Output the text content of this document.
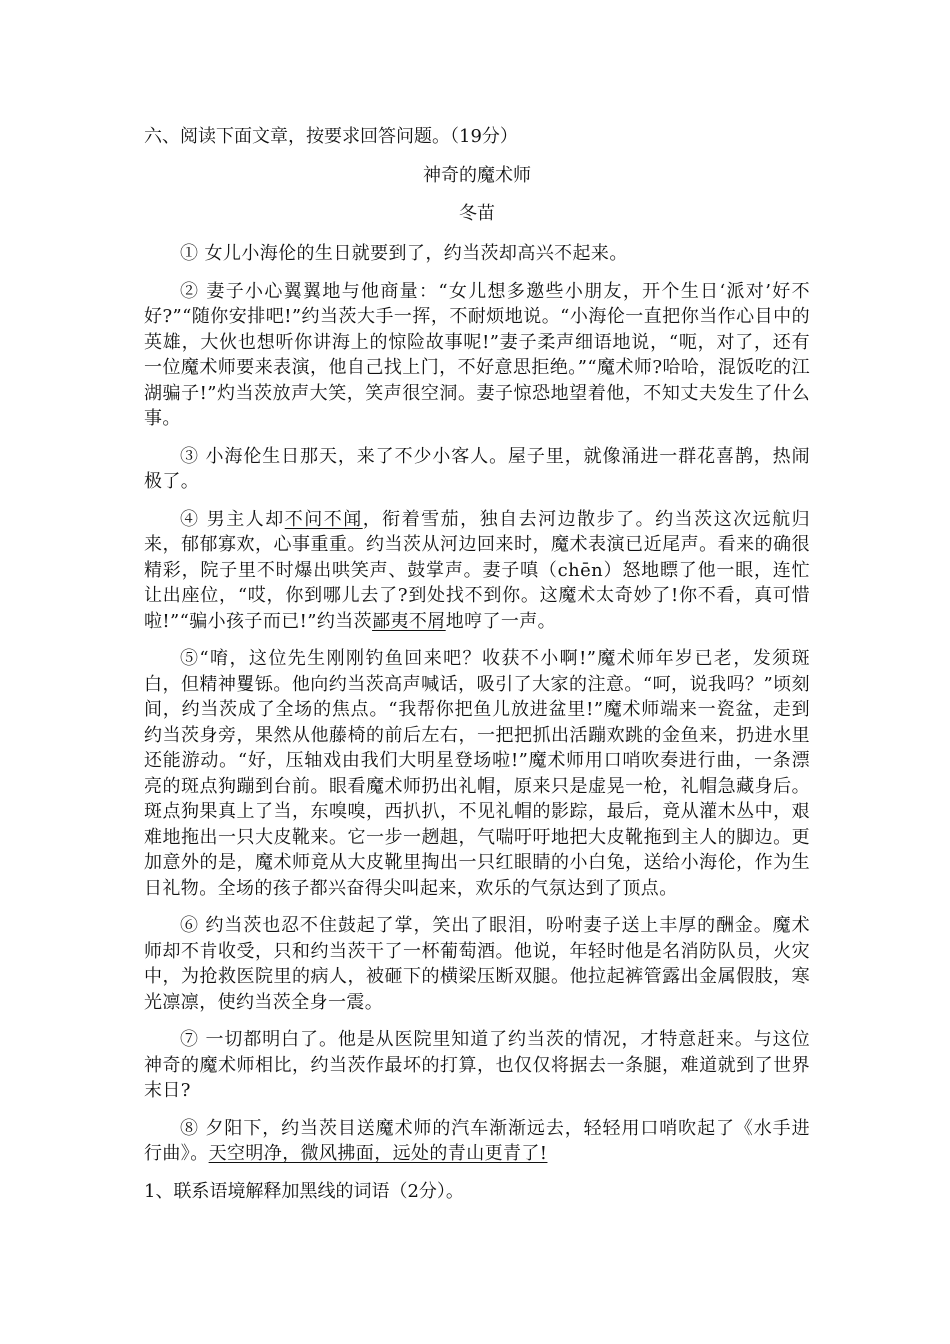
六、阅读下面文章，按要求回答问题。（19分）

神奇的魔术师

冬苗

① 女儿小海伦的生日就要到了，约当茨却高兴不起来。

② 妻子小心翼翼地与他商量：“女儿想多邀些小朋友，开个生日‘派对’好不好?”“随你安排吧!”约当茨大手一挥，不耐烦地说。“小海伦一直把你当作心目中的英雄，大伙也想听你讲海上的惊险故事呢!”妻子柔声细语地说，“呃，对了，还有一位魔术师要来表演，他自己找上门，不好意思拒绝。”“魔术师?哈哈，混饭吃的江湖骗子!”灼当茨放声大笑，笑声很空洞。妻子惊恐地望着他，不知丈夫发生了什么事。

③ 小海伦生日那天，来了不少小客人。屋子里，就像涌进一群花喜鹊，热闹极了。

④ 男主人却不问不闻，衔着雪茄，独自去河边散步了。约当茨这次远航归来，郁郁寡欢，心事重重。约当茨从河边回来时，魔术表演已近尾声。看来的确很精彩，院子里不时爆出哄笑声、鼓掌声。妻子嗔（chēn）怒地瞟了他一眼，连忙让出座位，“哎，你到哪儿去了?到处找不到你。这魔术太奇妙了!你不看，真可惜啦!”“骗小孩子而已!”约当茨鄙夷不屑地哼了一声。

⑤“唷，这位先生刚刚钓鱼回来吧？收获不小啊!”魔术师年岁已老，发须斑白，但精神矍铄。他向约当茨高声喊话，吸引了大家的注意。“呵，说我吗？”顷刻间，约当茨成了全场的焦点。“我帮你把鱼儿放进盆里!”魔术师端来一瓷盆，走到约当茨身旁，果然从他藤椅的前后左右，一把把抓出活蹦欢跳的金鱼来，扔进水里还能游动。“好，压轴戏由我们大明星登场啦!”魔术师用口哨吹奏进行曲，一条漂亮的斑点狗蹦到台前。眼看魔术师扔出礼帽，原来只是虚晃一枪，礼帽急藏身后。斑点狗果真上了当，东嗅嗅，西扒扒，不见礼帽的影踪，最后，竟从灌木丛中，艰难地拖出一只大皮靴来。它一步一趔趄，气喘吁吁地把大皮靴拖到主人的脚边。更加意外的是，魔术师竟从大皮靴里掏出一只红眼睛的小白兔，送给小海伦，作为生日礼物。全场的孩子都兴奋得尖叫起来，欢乐的气氛达到了顶点。

⑥ 约当茨也忍不住鼓起了掌，笑出了眼泪，吩咐妻子送上丰厚的酬金。魔术师却不肯收受，只和约当茨干了一杯葡萄酒。他说，年轻时他是名消防队员，火灾中，为抢救医院里的病人，被砸下的横梁压断双腿。他拉起裤管露出金属假肢，寒光凛凛，使约当茨全身一震。

⑦ 一切都明白了。他是从医院里知道了约当茨的情况，才特意赶来。与这位神奇的魔术师相比，约当茨作最坏的打算，也仅仅将据去一条腿，难道就到了世界末日?

⑧ 夕阳下，约当茨目送魔术师的汽车渐渐远去，轻轻用口哨吹起了《水手进行曲》。天空明净，微风拂面，远处的青山更青了!

1、联系语境解释加黑线的词语（2分）。
